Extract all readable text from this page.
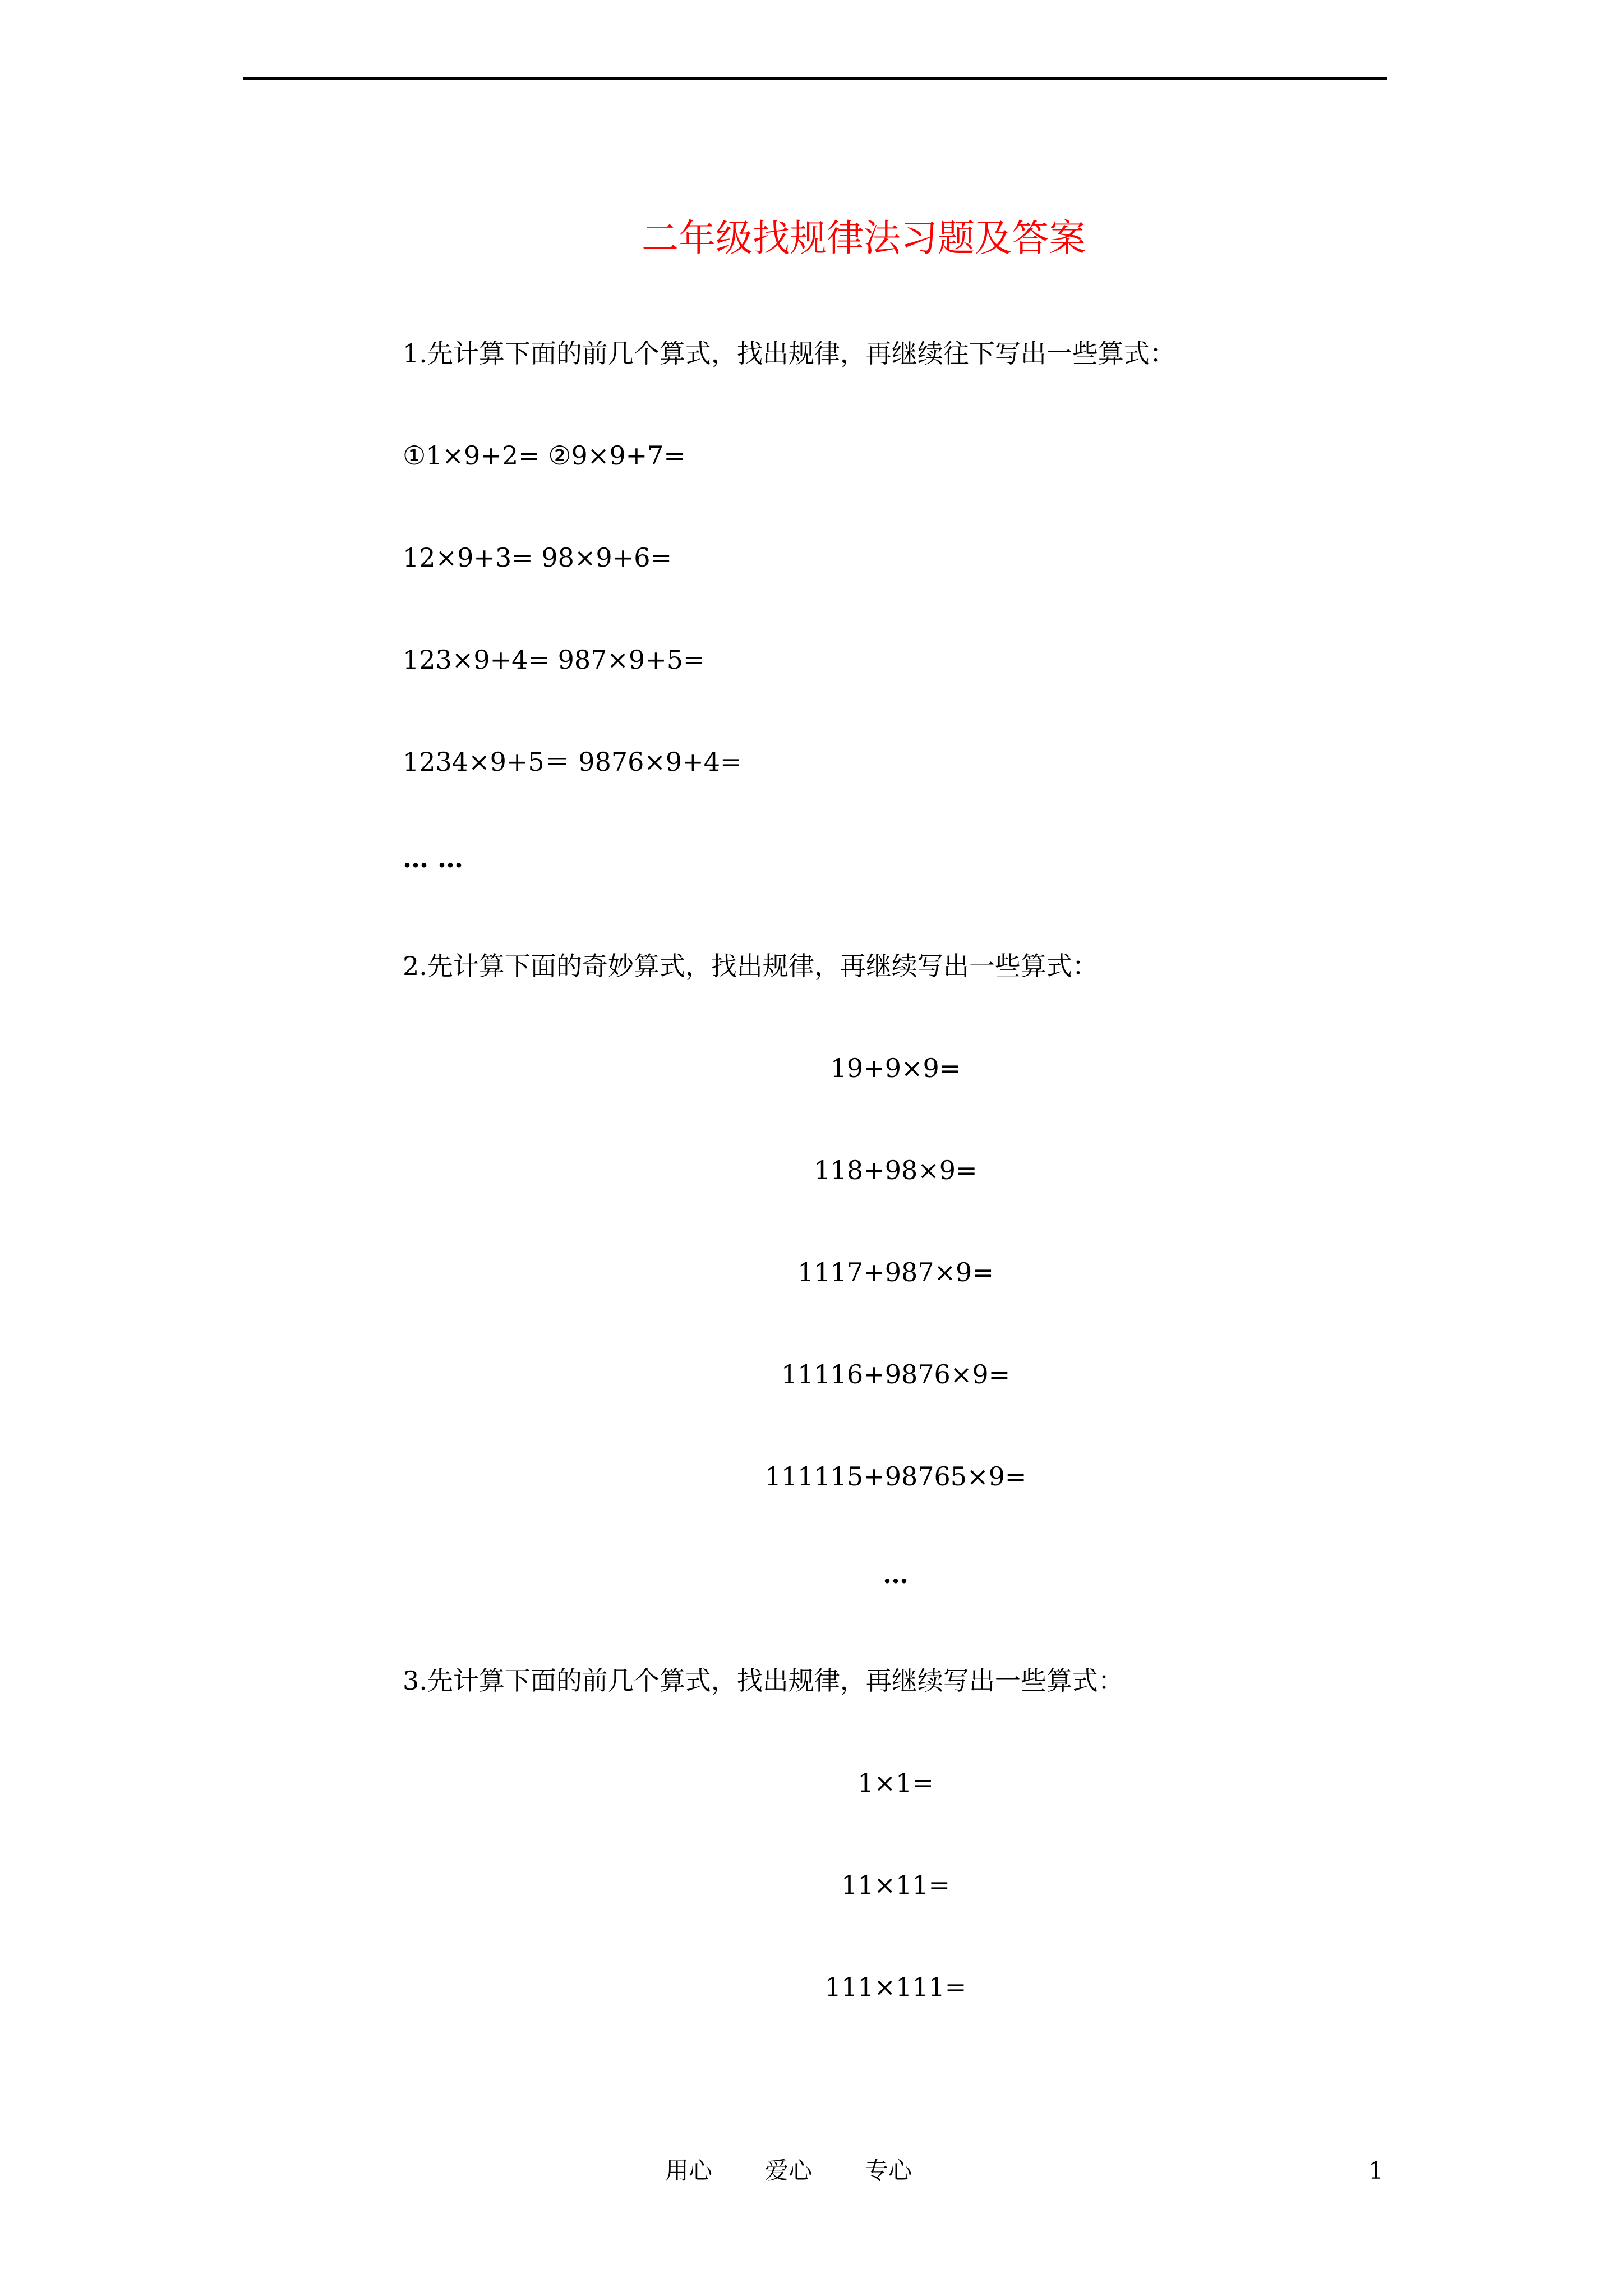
二年级找规律法习题及答案
1.先计算下面的前几个算式，找出规律，再继续往下写出一些算式：
①1×9+2= ②9×9+7=
12×9+3= 98×9+6=
123×9+4= 987×9+5=
1234×9+5＝ 9876×9+4=
… …
2.先计算下面的奇妙算式，找出规律，再继续写出一些算式：
19+9×9=
118+98×9=
1117+987×9=
11116+9876×9=
111115+98765×9=
…
3.先计算下面的前几个算式，找出规律，再继续写出一些算式：
1×1=
11×11=
111×111=
用心 爱心 专心	1
